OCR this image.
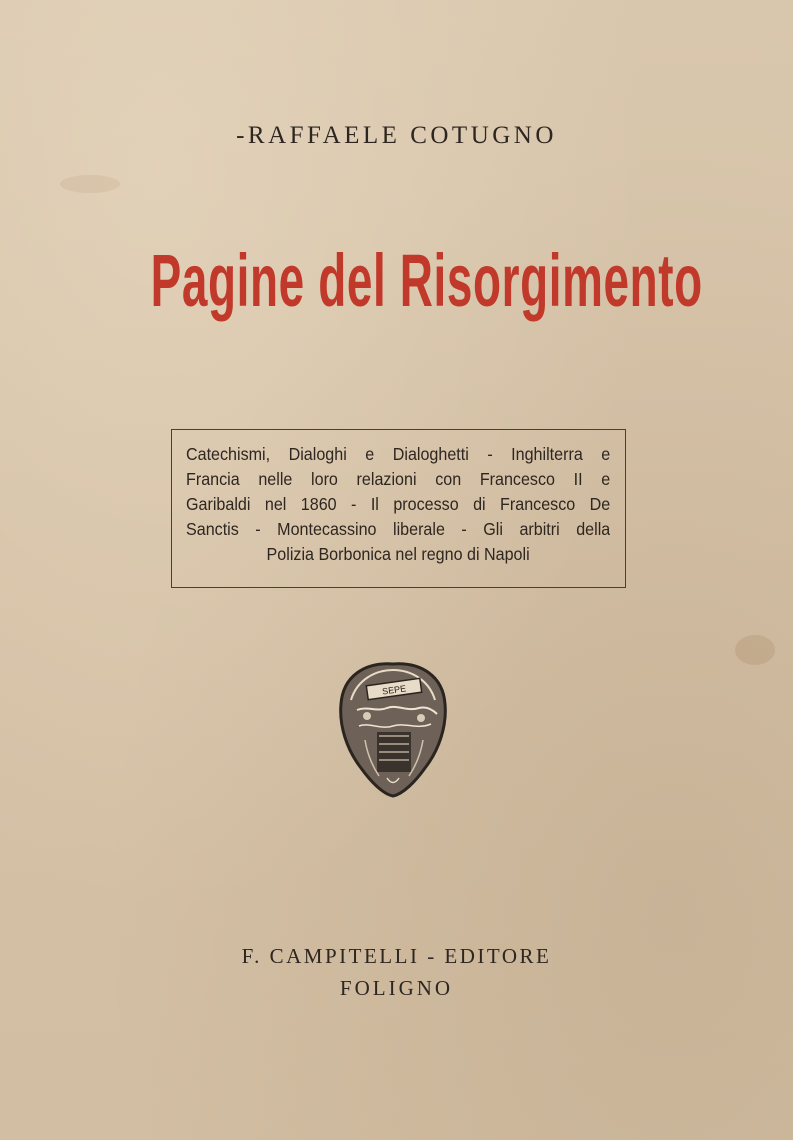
-RAFFAELE COTUGNO
Pagine del Risorgimento
Catechismi, Dialoghi e Dialoghetti - Inghilterra e
Francia nelle loro relazioni con Francesco II e
Garibaldi nel 1860 - Il processo di Francesco De
Sanctis - Montecassino liberale - Gli arbitri della
Polizia Borbonica nel regno di Napoli
SEPE
F. CAMPITELLI - EDITORE
FOLIGNO
